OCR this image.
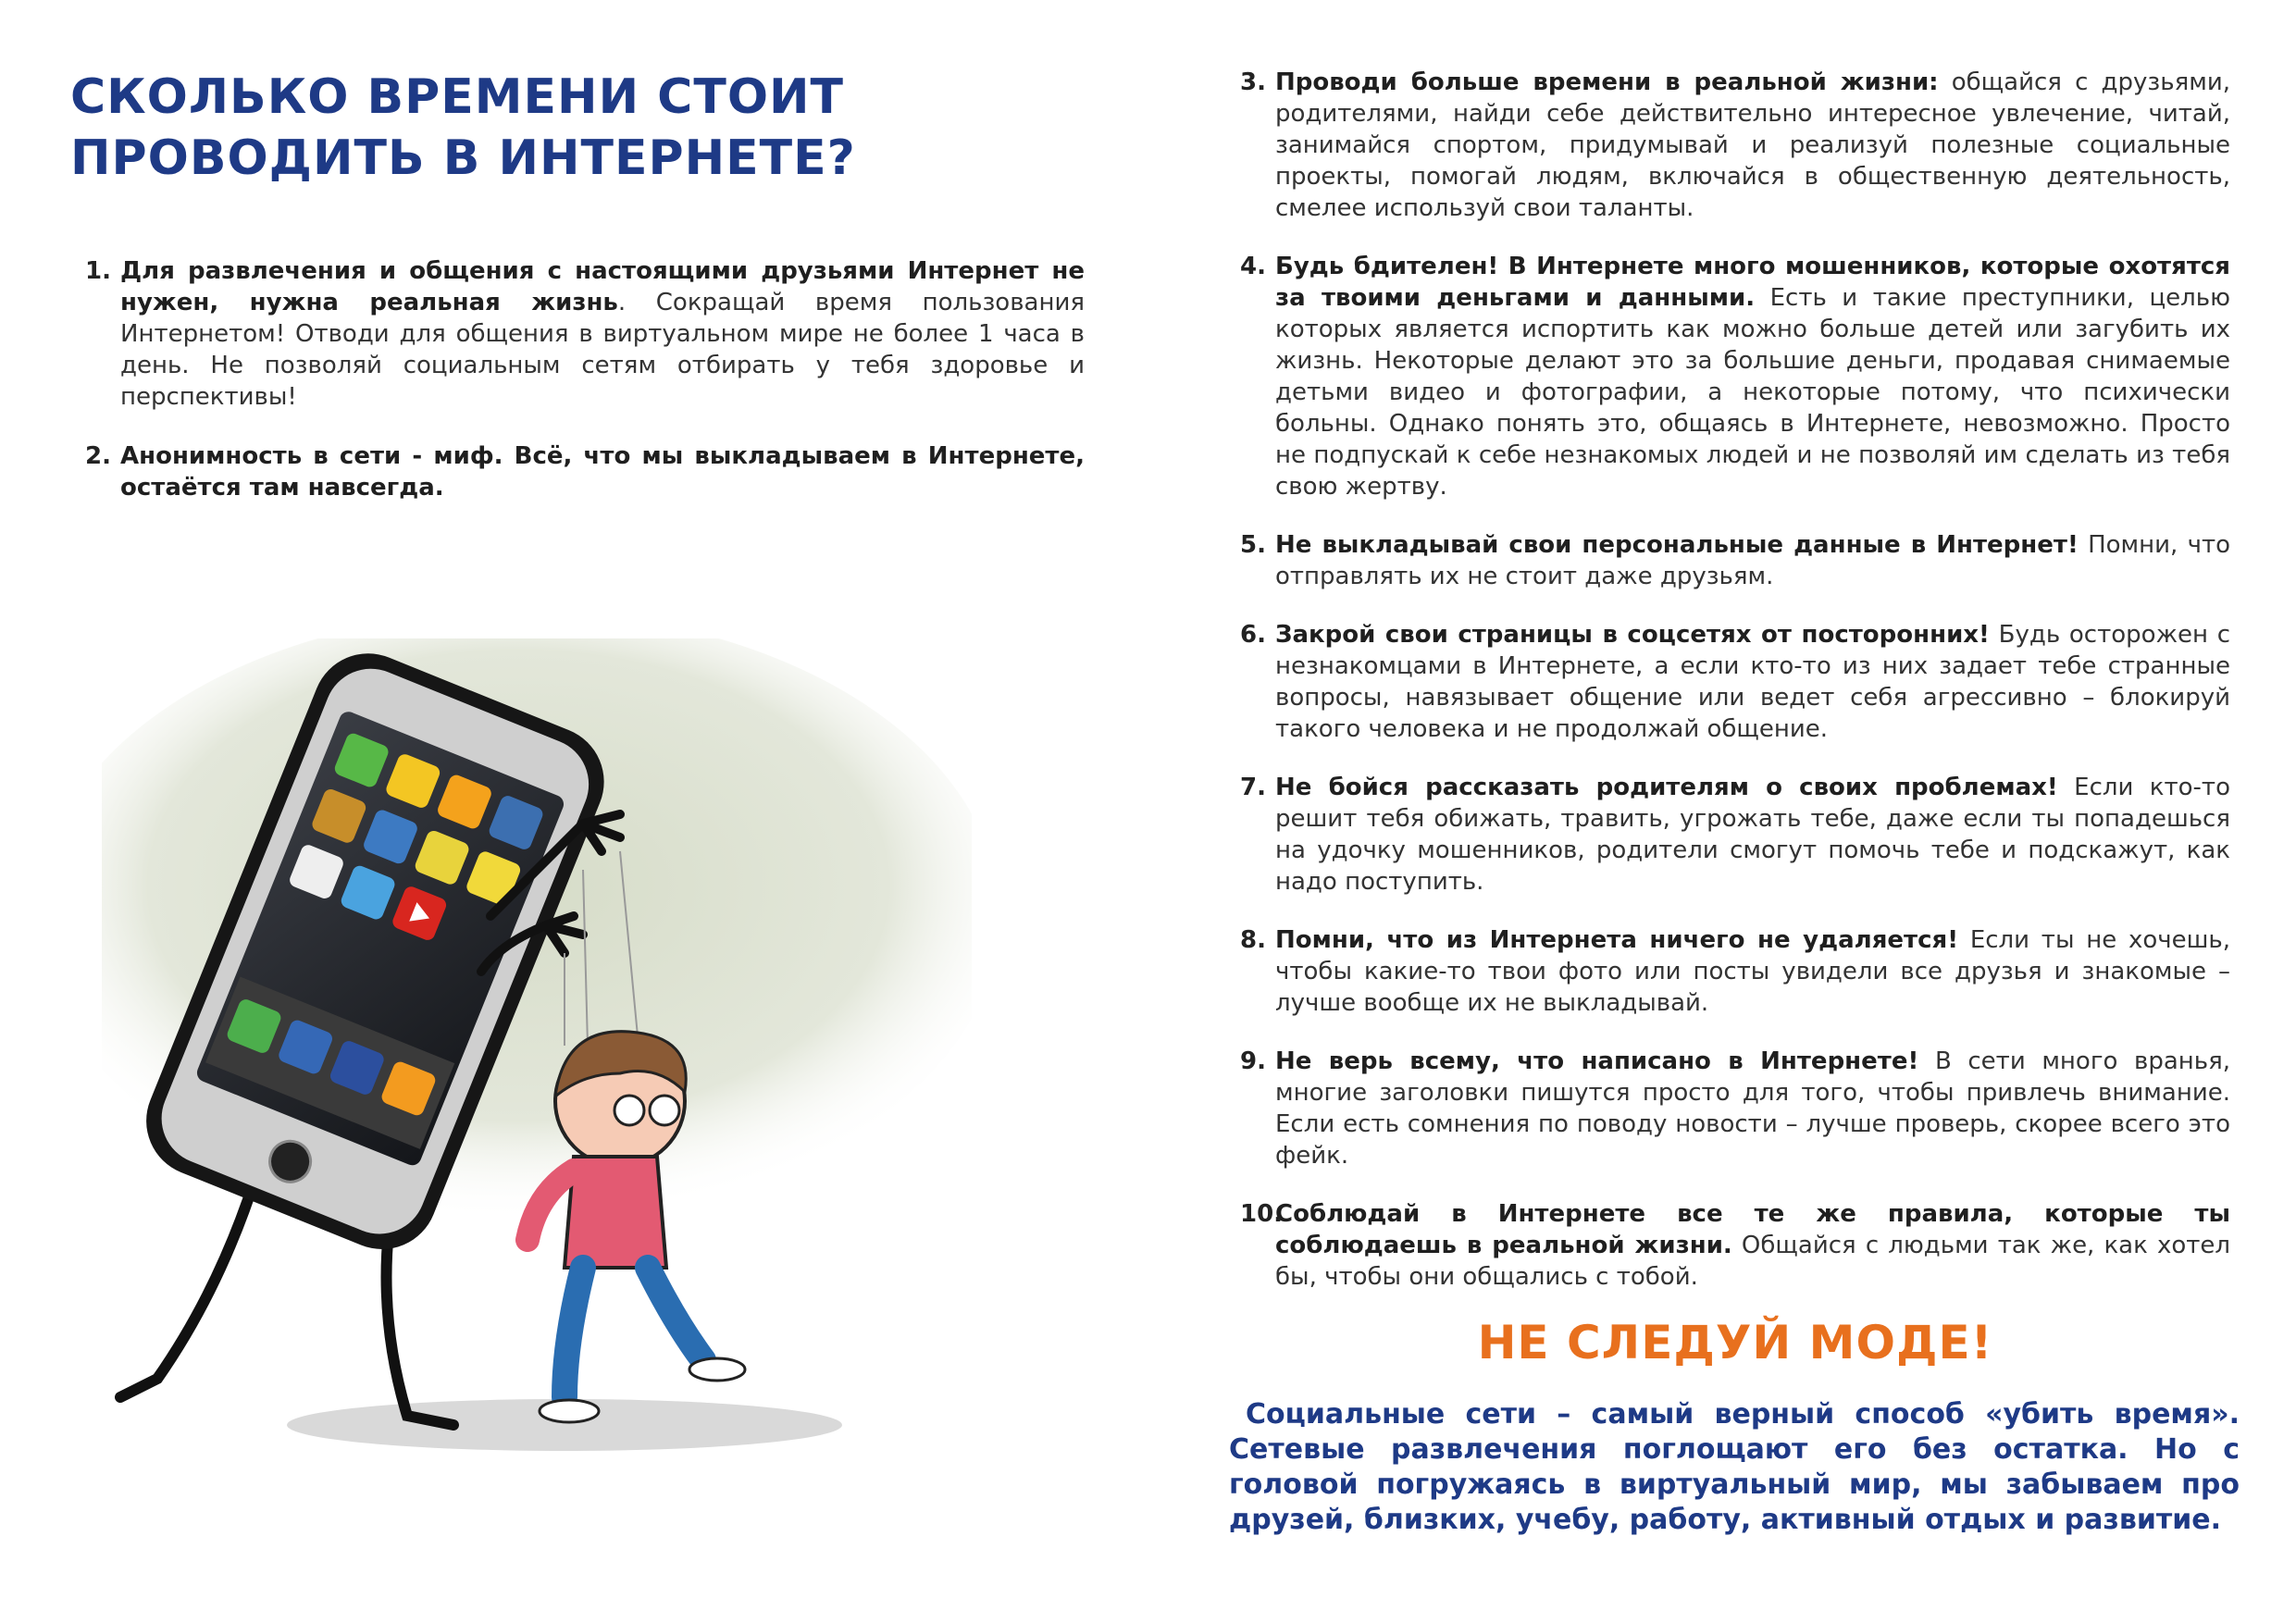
СКОЛЬКО ВРЕМЕНИ СТОИТ
ПРОВОДИТЬ В ИНТЕРНЕТЕ?
1. Для развлечения и общения с настоящими друзьями Интернет не нужен, нужна реальная жизнь. Сокращай время пользования Интернетом! Отводи для общения в виртуальном мире не более 1 часа в день. Не позволяй социальным сетям отбирать у тебя здоровье и перспективы!
2. Анонимность в сети - миф. Всё, что мы выкладываем в Интернете, остаётся там навсегда.
3. Проводи больше времени в реальной жизни: общайся с друзьями, родителями, найди себе действительно интересное увлечение, читай, занимайся спортом, придумывай и реализуй полезные социальные проекты, помогай людям, включайся в общественную деятельность, смелее используй свои таланты.
4. Будь бдителен! В Интернете много мошенников, которые охотятся за твоими деньгами и данными. Есть и такие преступники, целью которых является испортить как можно больше детей или загубить их жизнь. Некоторые делают это за большие деньги, продавая снимаемые детьми видео и фотографии, а некоторые потому, что психически больны. Однако понять это, общаясь в Интернете, невозможно. Просто не подпускай к себе незнакомых людей и не позволяй им сделать из тебя свою жертву.
5. Не выкладывай свои персональные данные в Интернет! Помни, что отправлять их не стоит даже друзьям.
6. Закрой свои страницы в соцсетях от посторонних! Будь осторожен с незнакомцами в Интернете, а если кто-то из них задает тебе странные вопросы, навязывает общение или ведет себя агрессивно – блокируй такого человека и не продолжай общение.
7. Не бойся рассказать родителям о своих проблемах! Если кто-то решит тебя обижать, травить, угрожать тебе, даже если ты попадешься на удочку мошенников, родители смогут помочь тебе и подскажут, как надо поступить.
8. Помни, что из Интернета ничего не удаляется! Если ты не хочешь, чтобы какие-то твои фото или посты увидели все друзья и знакомые – лучше вообще их не выкладывай.
9. Не верь всему, что написано в Интернете! В сети много вранья, многие заголовки пишутся просто для того, чтобы привлечь внимание. Если есть сомнения по поводу новости – лучше проверь, скорее всего это фейк.
10.
Соблюдай в Интернете все те же правила, которые ты соблюдаешь в реальной жизни. Общайся с людьми так же, как хотел бы, чтобы они общались с тобой.
НЕ СЛЕДУЙ МОДЕ!

Социальные сети – самый верный способ «убить время». Сетевые развлечения поглощают его без остатка. Но с головой погружаясь в виртуальный мир, мы забываем про друзей, близких, учебу, работу, активный отдых и развитие.
